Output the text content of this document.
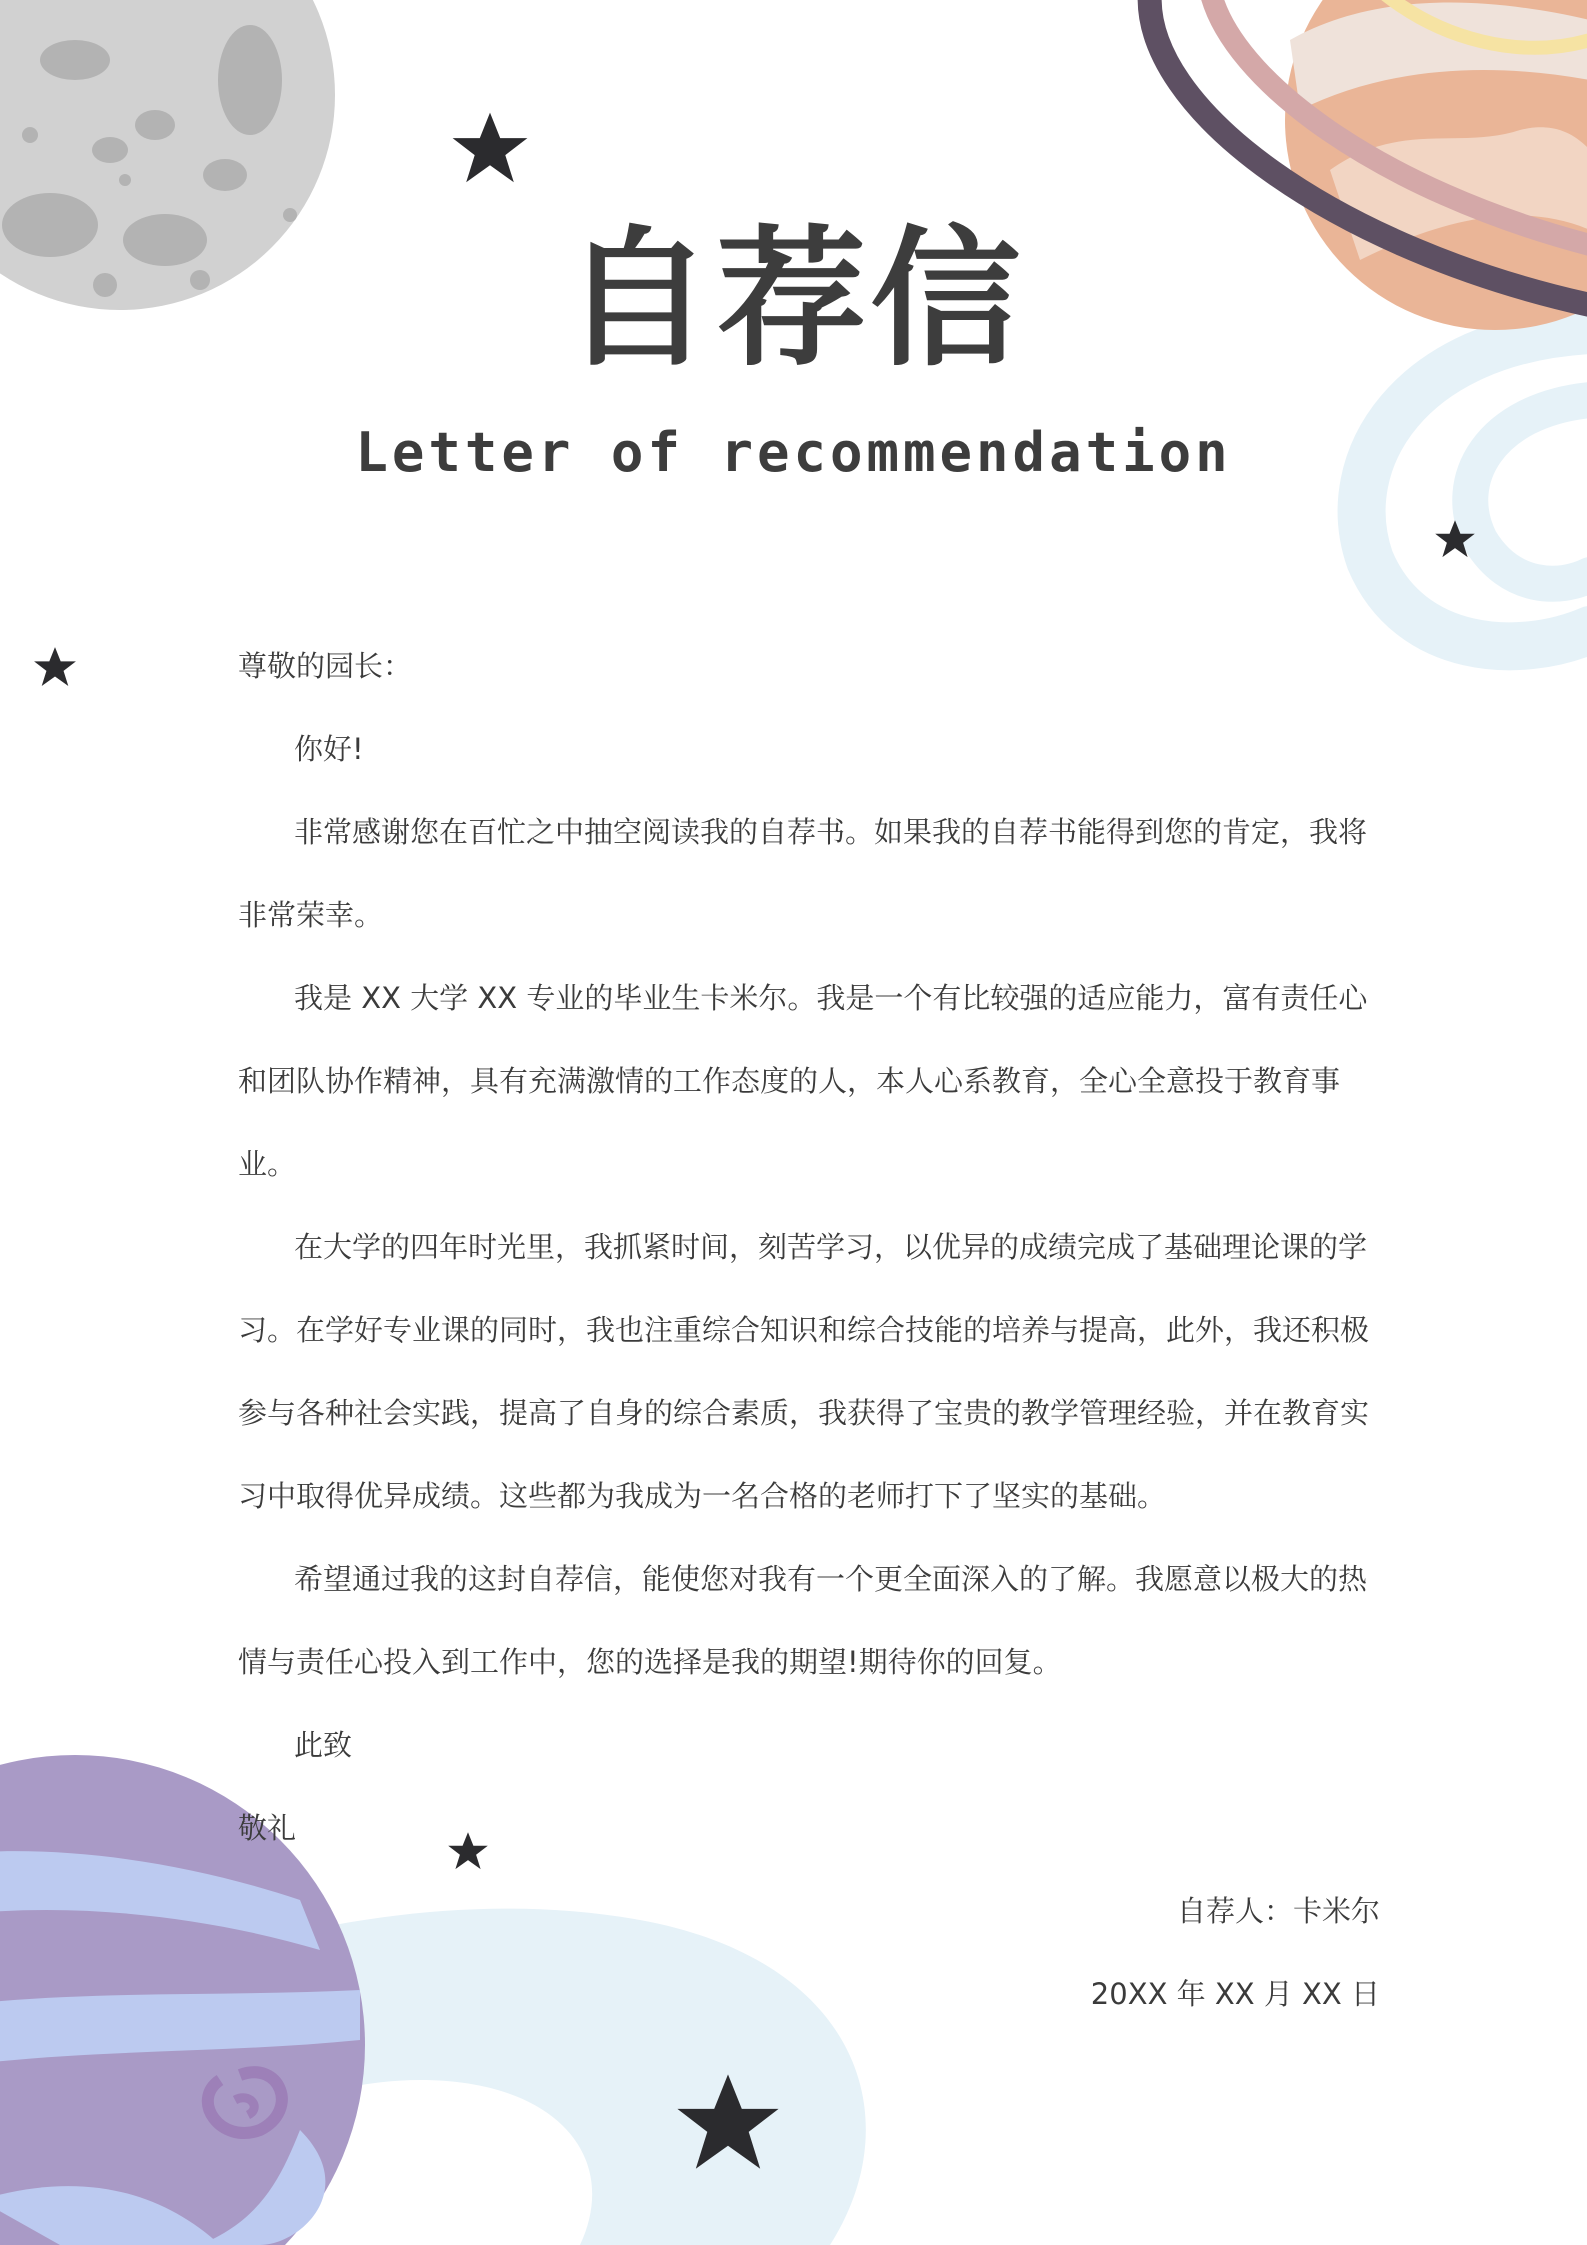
自荐信
Letter of recommendation

尊敬的园长：

你好!

非常感谢您在百忙之中抽空阅读我的自荐书。如果我的自荐书能得到您的肯定，我将非常荣幸。

我是 XX 大学 XX 专业的毕业生卡米尔。我是一个有比较强的适应能力，富有责任心和团队协作精神，具有充满激情的工作态度的人，本人心系教育，全心全意投于教育事业。

在大学的四年时光里，我抓紧时间，刻苦学习，以优异的成绩完成了基础理论课的学习。在学好专业课的同时，我也注重综合知识和综合技能的培养与提高，此外，我还积极参与各种社会实践，提高了自身的综合素质，我获得了宝贵的教学管理经验，并在教育实习中取得优异成绩。这些都为我成为一名合格的老师打下了坚实的基础。

希望通过我的这封自荐信，能使您对我有一个更全面深入的了解。我愿意以极大的热情与责任心投入到工作中，您的选择是我的期望!期待你的回复。

此致

敬礼

自荐人：卡米尔

20XX 年 XX 月 XX 日
